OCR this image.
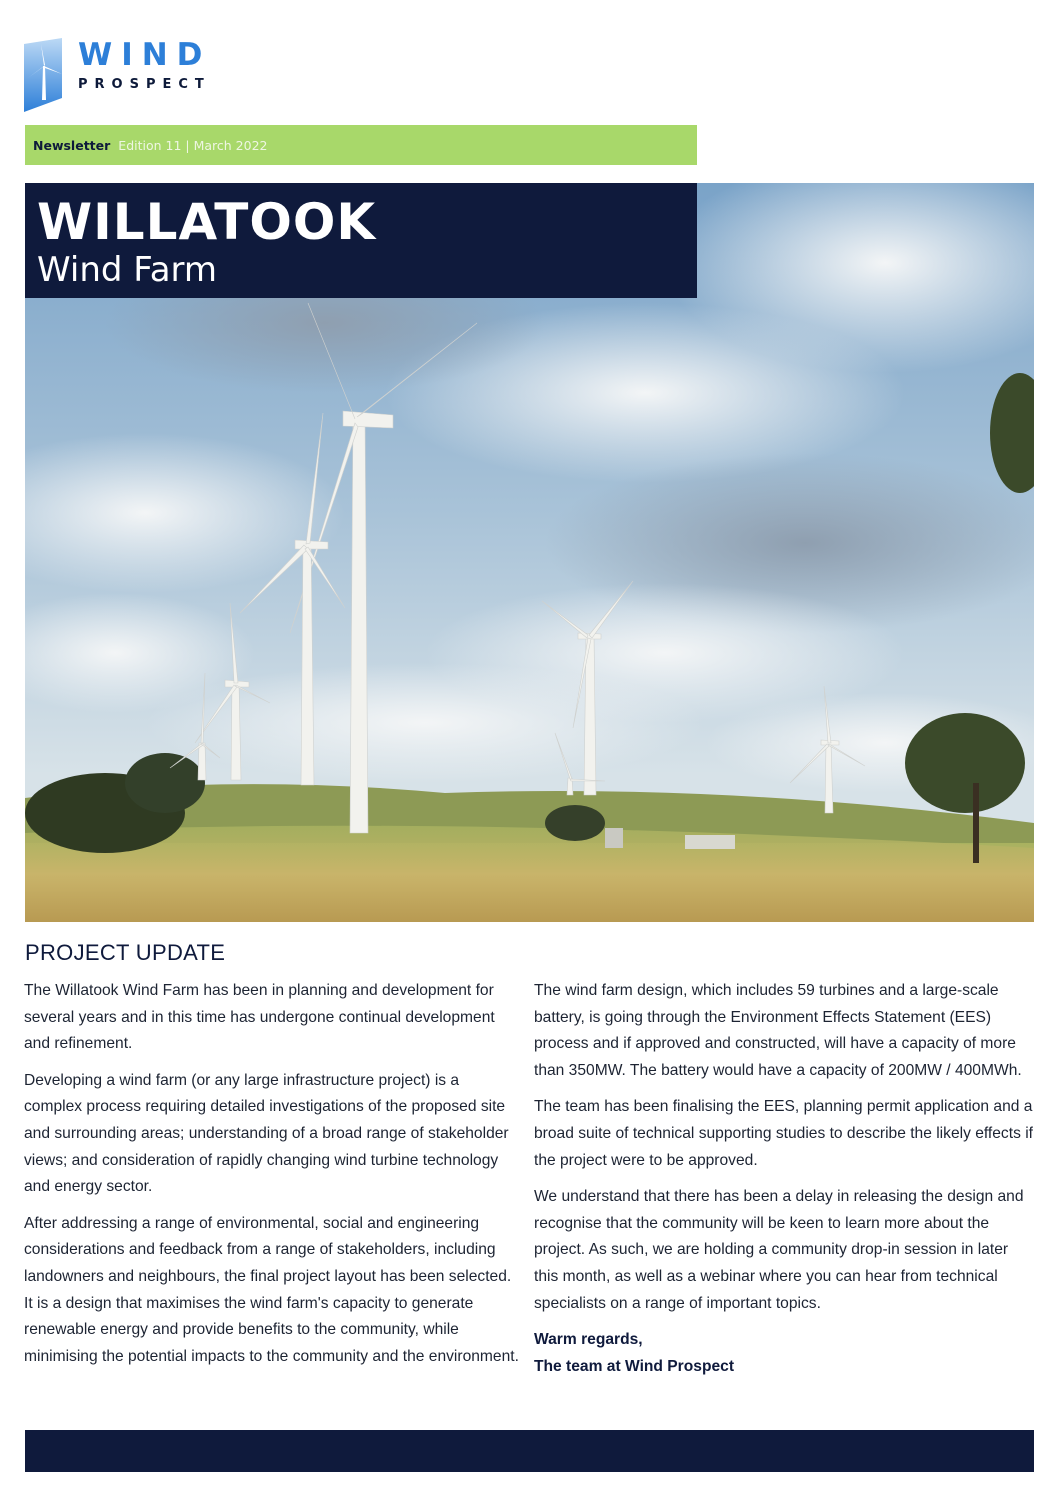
WIND
PROSPECT
Newsletter Edition 11 | March 2022
WILLATOOK
Wind Farm
PROJECT UPDATE

The Willatook Wind Farm has been in planning and development for several years and in this time has undergone continual development and refinement.

Developing a wind farm (or any large infrastructure project) is a complex process requiring detailed investigations of the proposed site and surrounding areas; understanding of a broad range of stakeholder views; and consideration of rapidly changing wind turbine technology and energy sector.

After addressing a range of environmental, social and engineering considerations and feedback from a range of stakeholders, including landowners and neighbours, the final project layout has been selected. It is a design that maximises the wind farm's capacity to generate renewable energy and provide benefits to the community, while minimising the potential impacts to the community and the environment.

The wind farm design, which includes 59 turbines and a large-scale battery, is going through the Environment Effects Statement (EES) process and if approved and constructed, will have a capacity of more than 350MW. The battery would have a capacity of 200MW / 400MWh.

The team has been finalising the EES, planning permit application and a broad suite of technical supporting studies to describe the likely effects if the project were to be approved.

We understand that there has been a delay in releasing the design and recognise that the community will be keen to learn more about the project. As such, we are holding a community drop-in session in later this month, as well as a webinar where you can hear from technical specialists on a range of important topics.

Warm regards,
The team at Wind Prospect
